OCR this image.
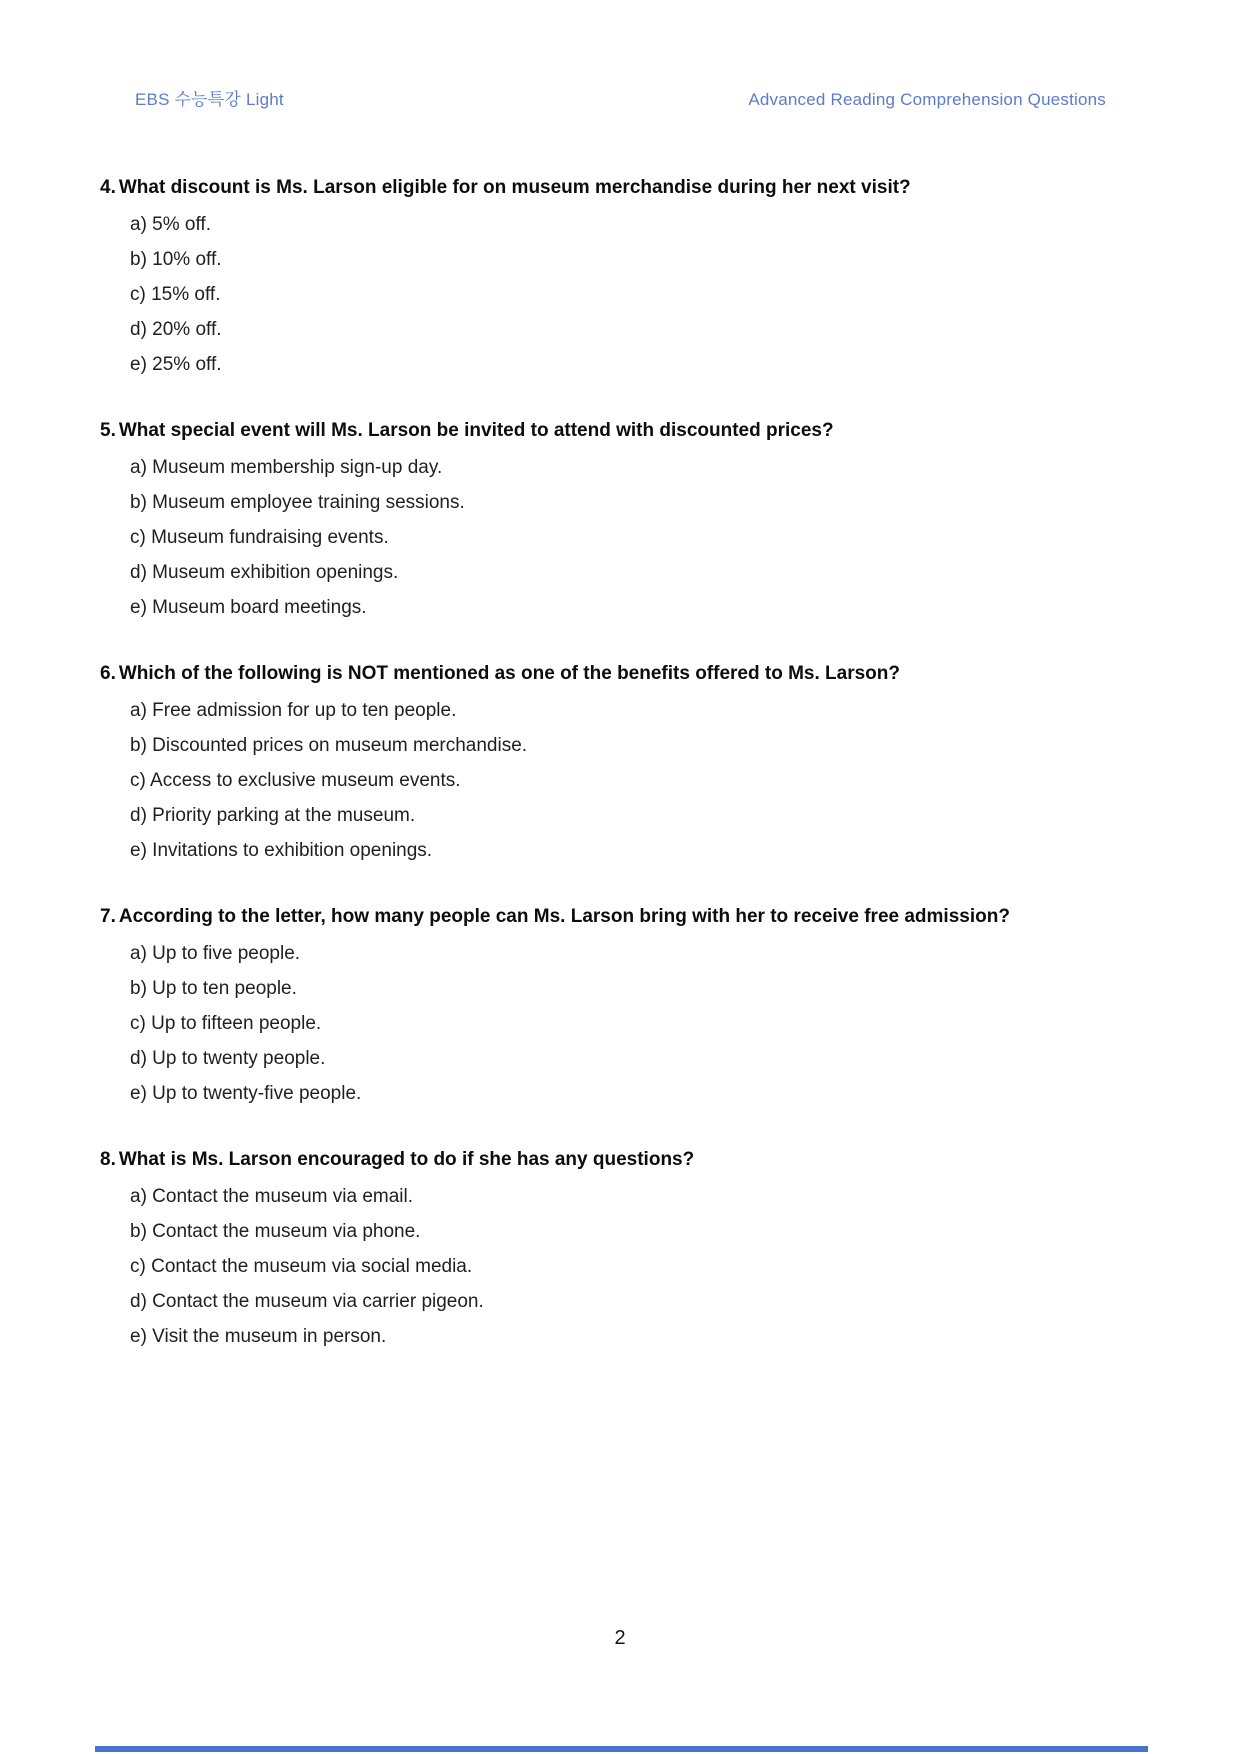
EBS 수능특강 Light	Advanced Reading Comprehension Questions

4. What discount is Ms. Larson eligible for on museum merchandise during her next visit?

a) 5% off.

b) 10% off.

c) 15% off.

d) 20% off.

e) 25% off.

5. What special event will Ms. Larson be invited to attend with discounted prices?

a) Museum membership sign-up day.

b) Museum employee training sessions.

c) Museum fundraising events.

d) Museum exhibition openings.

e) Museum board meetings.

6. Which of the following is NOT mentioned as one of the benefits offered to Ms. Larson?

a) Free admission for up to ten people.

b) Discounted prices on museum merchandise.

c) Access to exclusive museum events.

d) Priority parking at the museum.

e) Invitations to exhibition openings.

7. According to the letter, how many people can Ms. Larson bring with her to receive free admission?

a) Up to five people.

b) Up to ten people.

c) Up to fifteen people.

d) Up to twenty people.

e) Up to twenty-five people.

8. What is Ms. Larson encouraged to do if she has any questions?

a) Contact the museum via email.

b) Contact the museum via phone.

c) Contact the museum via social media.

d) Contact the museum via carrier pigeon.

e) Visit the museum in person.

2
